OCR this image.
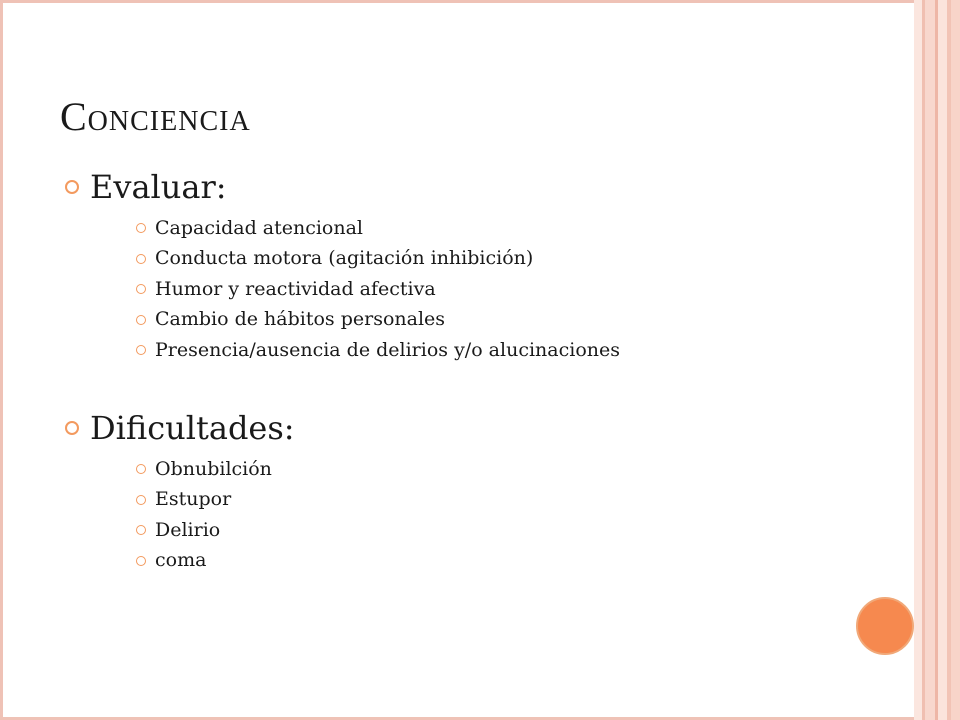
Conciencia
Evaluar:
Capacidad atencional
Conducta motora (agitación inhibición)
Humor y reactividad afectiva
Cambio de hábitos personales
Presencia/ausencia de delirios y/o alucinaciones
Dificultades:
Obnubilción
Estupor
Delirio
coma
